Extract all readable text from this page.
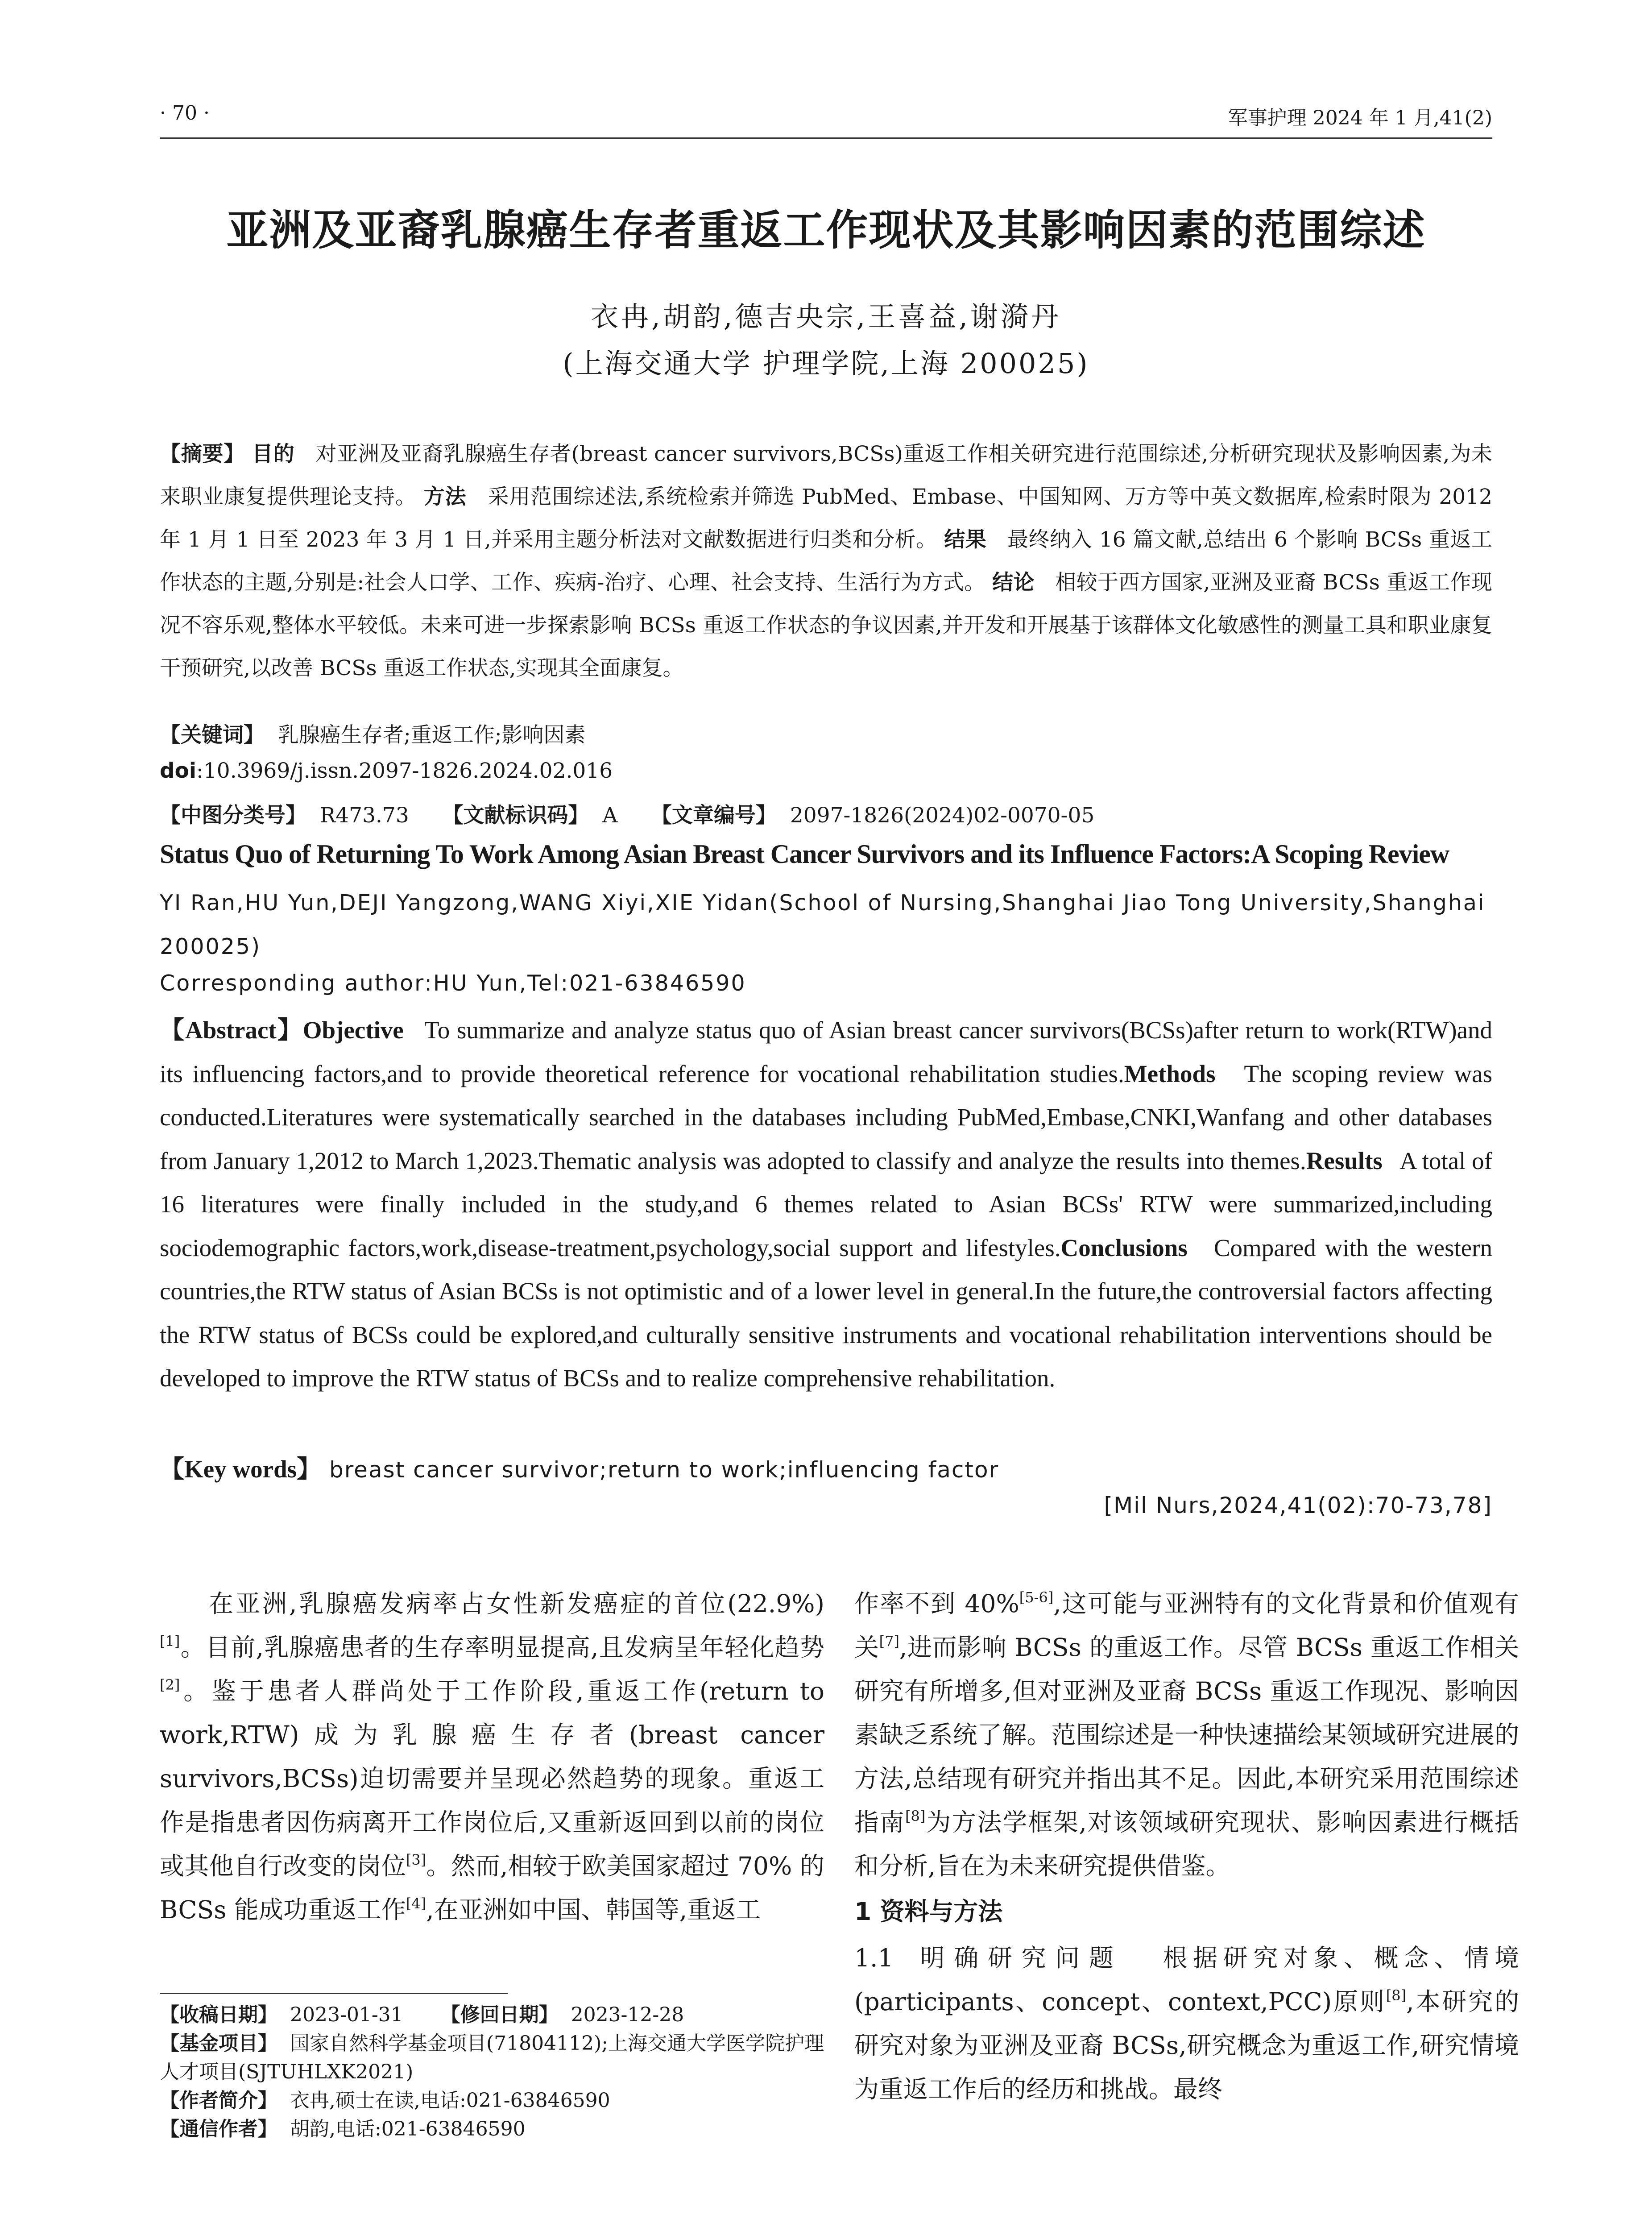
· 70 ·	军事护理 2024 年 1 月,41(2)
亚洲及亚裔乳腺癌生存者重返工作现状及其影响因素的范围综述
衣冉,胡韵,德吉央宗,王喜益,谢漪丹
(上海交通大学 护理学院,上海 200025)
【摘要】 目的 对亚洲及亚裔乳腺癌生存者(breast cancer survivors,BCSs)重返工作相关研究进行范围综述,分析研究现状及影响因素,为未来职业康复提供理论支持。 方法 采用范围综述法,系统检索并筛选 PubMed、Embase、中国知网、万方等中英文数据库,检索时限为 2012 年 1 月 1 日至 2023 年 3 月 1 日,并采用主题分析法对文献数据进行归类和分析。 结果 最终纳入 16 篇文献,总结出 6 个影响 BCSs 重返工作状态的主题,分别是:社会人口学、工作、疾病-治疗、心理、社会支持、生活行为方式。 结论 相较于西方国家,亚洲及亚裔 BCSs 重返工作现况不容乐观,整体水平较低。未来可进一步探索影响 BCSs 重返工作状态的争议因素,并开发和开展基于该群体文化敏感性的测量工具和职业康复干预研究,以改善 BCSs 重返工作状态,实现其全面康复。
【关键词】 乳腺癌生存者;重返工作;影响因素
doi:10.3969/j.issn.2097-1826.2024.02.016
【中图分类号】 R473.73 【文献标识码】 A 【文章编号】 2097-1826(2024)02-0070-05
Status Quo of Returning To Work Among Asian Breast Cancer Survivors and its Influence Factors:A Scoping Review
YI Ran,HU Yun,DEJI Yangzong,WANG Xiyi,XIE Yidan(School of Nursing,Shanghai Jiao Tong University,Shanghai 200025)
Corresponding author:HU Yun,Tel:021-63846590
【Abstract】Objective To summarize and analyze status quo of Asian breast cancer survivors(BCSs)after return to work(RTW)and its influencing factors,and to provide theoretical reference for vocational rehabilitation studies.Methods The scoping review was conducted.Literatures were systematically searched in the databases including PubMed,Embase,CNKI,Wanfang and other databases from January 1,2012 to March 1,2023.Thematic analysis was adopted to classify and analyze the results into themes.Results A total of 16 literatures were finally included in the study,and 6 themes related to Asian BCSs' RTW were summarized,including sociodemographic factors,work,disease-treatment,psychology,social support and lifestyles.Conclusions Compared with the western countries,the RTW status of Asian BCSs is not optimistic and of a lower level in general.In the future,the controversial factors affecting the RTW status of BCSs could be explored,and culturally sensitive instruments and vocational rehabilitation interventions should be developed to improve the RTW status of BCSs and to realize comprehensive rehabilitation.
【Key words】 breast cancer survivor;return to work;influencing factor
[Mil Nurs,2024,41(02):70-73,78]

在亚洲,乳腺癌发病率占女性新发癌症的首位(22.9%)[1]。目前,乳腺癌患者的生存率明显提高,且发病呈年轻化趋势[2]。鉴于患者人群尚处于工作阶段,重返工作(return to work,RTW)成为乳腺癌生存者(breast cancer survivors,BCSs)迫切需要并呈现必然趋势的现象。重返工作是指患者因伤病离开工作岗位后,又重新返回到以前的岗位或其他自行改变的岗位[3]。然而,相较于欧美国家超过 70% 的 BCSs 能成功重返工作[4],在亚洲如中国、韩国等,重返工

【收稿日期】 2023-01-31 【修回日期】 2023-12-28
【基金项目】 国家自然科学基金项目(71804112);上海交通大学医学院护理人才项目(SJTUHLXK2021)
【作者简介】 衣冉,硕士在读,电话:021-63846590
【通信作者】 胡韵,电话:021-63846590

作率不到 40%[5-6],这可能与亚洲特有的文化背景和价值观有关[7],进而影响 BCSs 的重返工作。尽管 BCSs 重返工作相关研究有所增多,但对亚洲及亚裔 BCSs 重返工作现况、影响因素缺乏系统了解。范围综述是一种快速描绘某领域研究进展的方法,总结现有研究并指出其不足。因此,本研究采用范围综述指南[8]为方法学框架,对该领域研究现状、影响因素进行概括和分析,旨在为未来研究提供借鉴。

1 资料与方法

1.1 明确研究问题 根据研究对象、概念、情境(participants、concept、context,PCC)原则[8],本研究的研究对象为亚洲及亚裔 BCSs,研究概念为重返工作,研究情境为重返工作后的经历和挑战。最终
